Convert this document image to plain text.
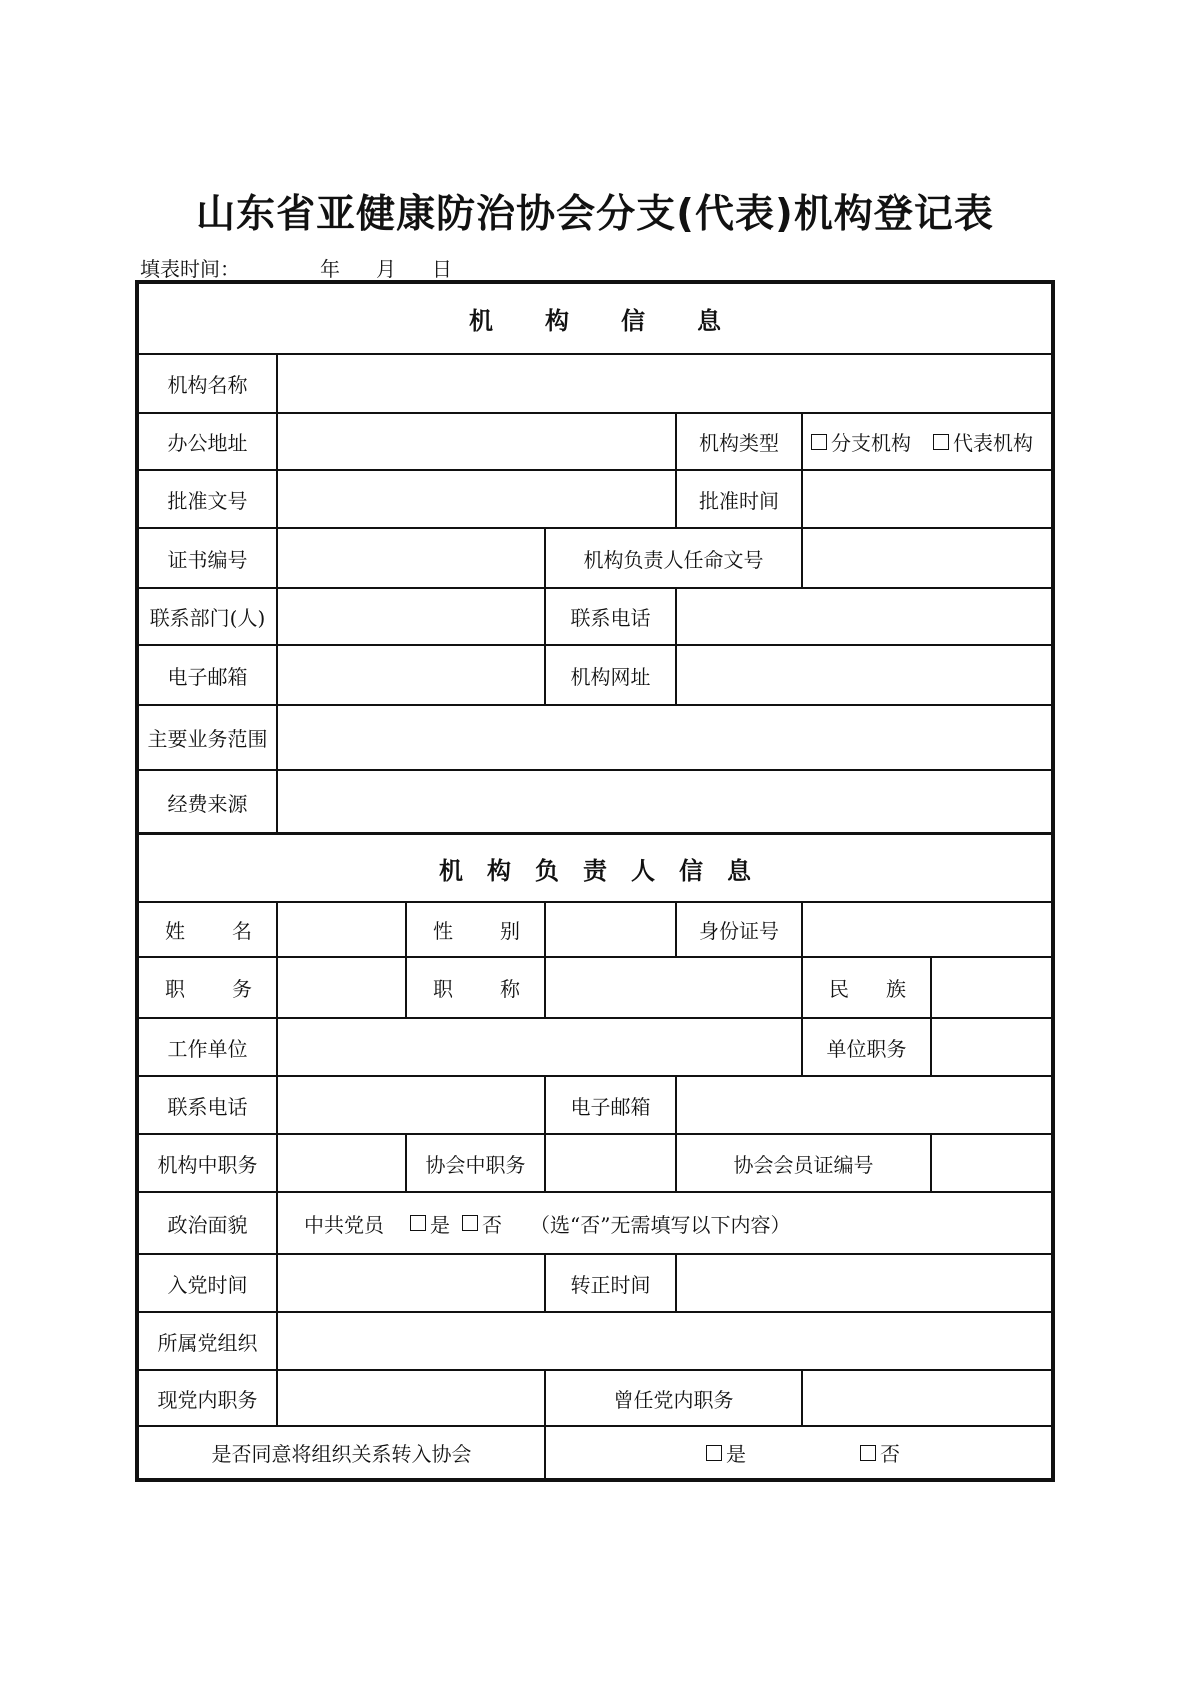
山东省亚健康防治协会分支(代表)机构登记表
填表时间：	年 月 日
机 构 信 息
机构名称
办公地址	机构类型	分支机构 代表机构
批准文号	批准时间
证书编号	机构负责人任命文号
联系部门(人)	联系电话
电子邮箱	机构网址
主要业务范围
经费来源
机 构 负 责 人 信 息
姓 名	性 别	身份证号
职 务	职 称	民 族
工作单位	单位职务
联系电话	电子邮箱
机构中职务	协会中职务	协会会员证编号
政治面貌	中共党员 是 否 （选“否”无需填写以下内容）
入党时间	转正时间
所属党组织
现党内职务	曾任党内职务
是否同意将组织关系转入协会	是	否
